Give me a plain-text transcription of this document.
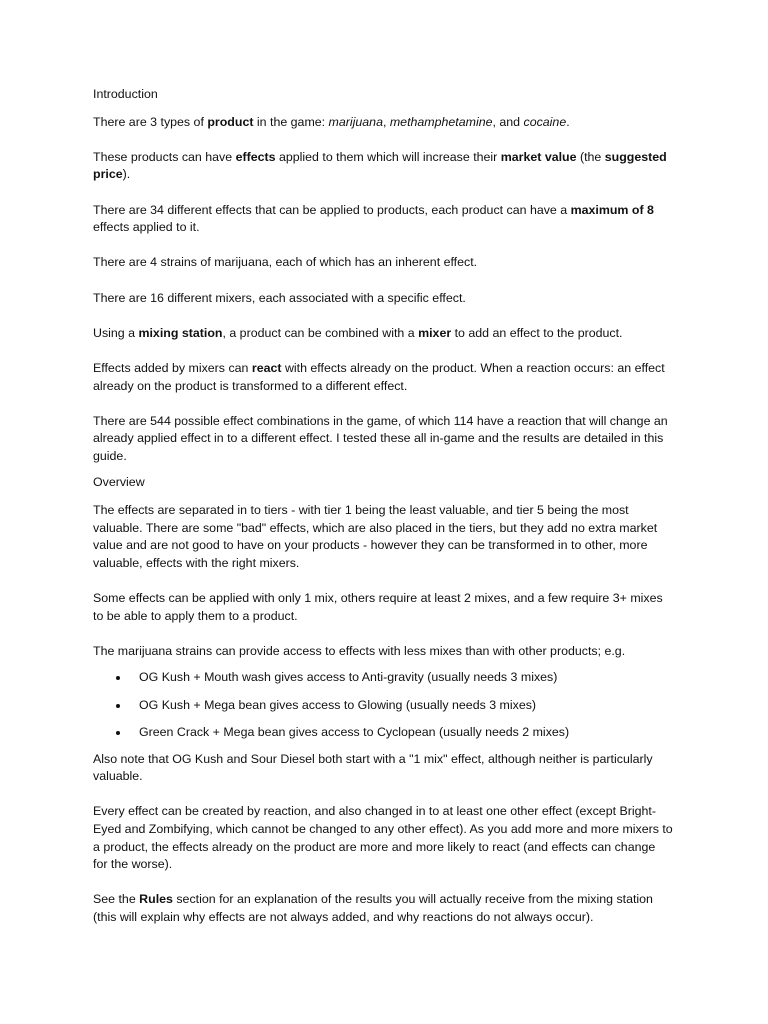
Introduction

There are 3 types of product in the game: marijuana, methamphetamine, and cocaine.

These products can have effects applied to them which will increase their market value (the suggested price).

There are 34 different effects that can be applied to products, each product can have a maximum of 8 effects applied to it.

There are 4 strains of marijuana, each of which has an inherent effect.

There are 16 different mixers, each associated with a specific effect.

Using a mixing station, a product can be combined with a mixer to add an effect to the product.

Effects added by mixers can react with effects already on the product. When a reaction occurs: an effect already on the product is transformed to a different effect.

There are 544 possible effect combinations in the game, of which 114 have a reaction that will change an already applied effect in to a different effect. I tested these all in-game and the results are detailed in this guide.

Overview

The effects are separated in to tiers - with tier 1 being the least valuable, and tier 5 being the most valuable. There are some "bad" effects, which are also placed in the tiers, but they add no extra market value and are not good to have on your products - however they can be transformed in to other, more valuable, effects with the right mixers.

Some effects can be applied with only 1 mix, others require at least 2 mixes, and a few require 3+ mixes to be able to apply them to a product.

The marijuana strains can provide access to effects with less mixes than with other products; e.g.

OG Kush + Mouth wash gives access to Anti-gravity (usually needs 3 mixes)
OG Kush + Mega bean gives access to Glowing (usually needs 3 mixes)
Green Crack + Mega bean gives access to Cyclopean (usually needs 2 mixes)

Also note that OG Kush and Sour Diesel both start with a "1 mix" effect, although neither is particularly valuable.

Every effect can be created by reaction, and also changed in to at least one other effect (except Bright-Eyed and Zombifying, which cannot be changed to any other effect). As you add more and more mixers to a product, the effects already on the product are more and more likely to react (and effects can change for the worse).

See the Rules section for an explanation of the results you will actually receive from the mixing station (this will explain why effects are not always added, and why reactions do not always occur).
